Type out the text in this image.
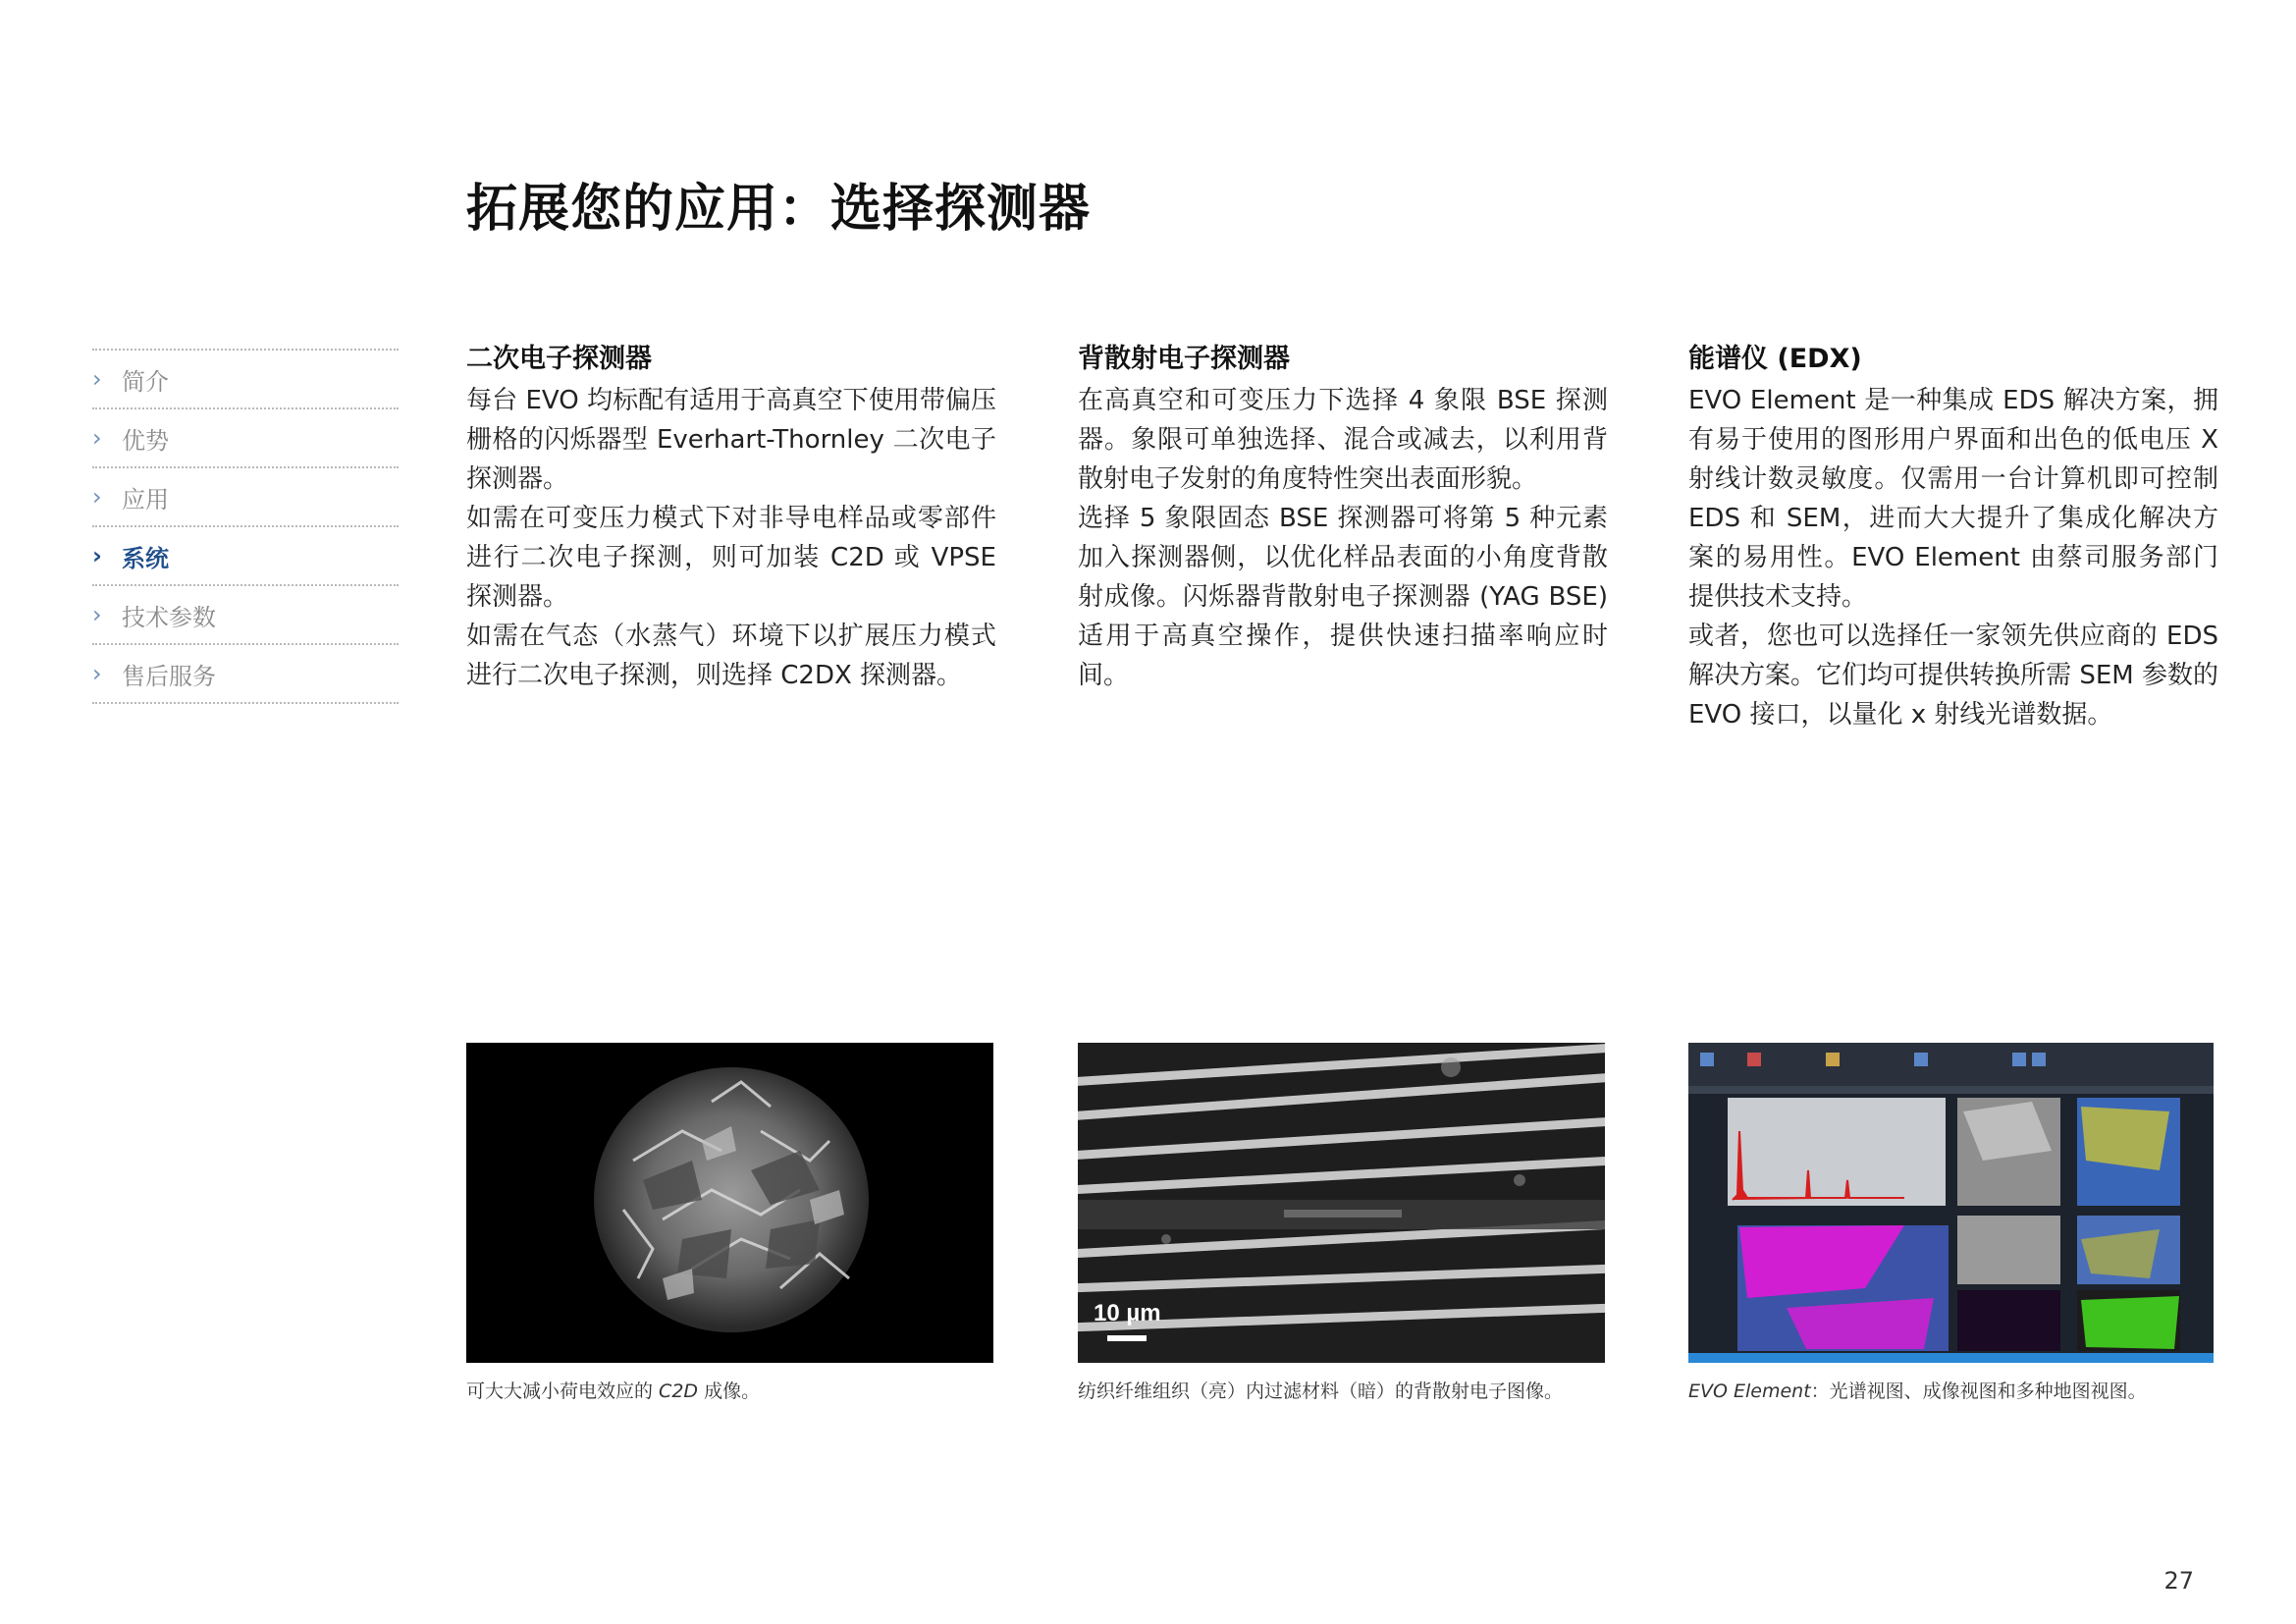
拓展您的应用：选择探测器
› 简介
› 优势
› 应用
› 系统
› 技术参数
› 售后服务
二次电子探测器

每台 EVO 均标配有适用于高真空下使用带偏压栅格的闪烁器型 Everhart-Thornley 二次电子探测器。

如需在可变压力模式下对非导电样品或零部件进行二次电子探测，则可加装 C2D 或 VPSE 探测器。

如需在气态（水蒸气）环境下以扩展压力模式进行二次电子探测，则选择 C2DX 探测器。

背散射电子探测器

在高真空和可变压力下选择 4 象限 BSE 探测器。象限可单独选择、混合或减去，以利用背散射电子发射的角度特性突出表面形貌。

选择 5 象限固态 BSE 探测器可将第 5 种元素加入探测器侧，以优化样品表面的小角度背散射成像。闪烁器背散射电子探测器 (YAG BSE) 适用于高真空操作，提供快速扫描率响应时间。

能谱仪 (EDX)

EVO Element 是一种集成 EDS 解决方案，拥有易于使用的图形用户界面和出色的低电压 X 射线计数灵敏度。仅需用一台计算机即可控制 EDS 和 SEM，进而大大提升了集成化解决方案的易用性。EVO Element 由蔡司服务部门提供技术支持。

或者，您也可以选择任一家领先供应商的 EDS 解决方案。它们均可提供转换所需 SEM 参数的 EVO 接口，以量化 x 射线光谱数据。

10 µm
可大大减小荷电效应的 C2D 成像。	纺织纤维组织（亮）内过滤材料（暗）的背散射电子图像。	EVO Element：光谱视图、成像视图和多种地图视图。
27
